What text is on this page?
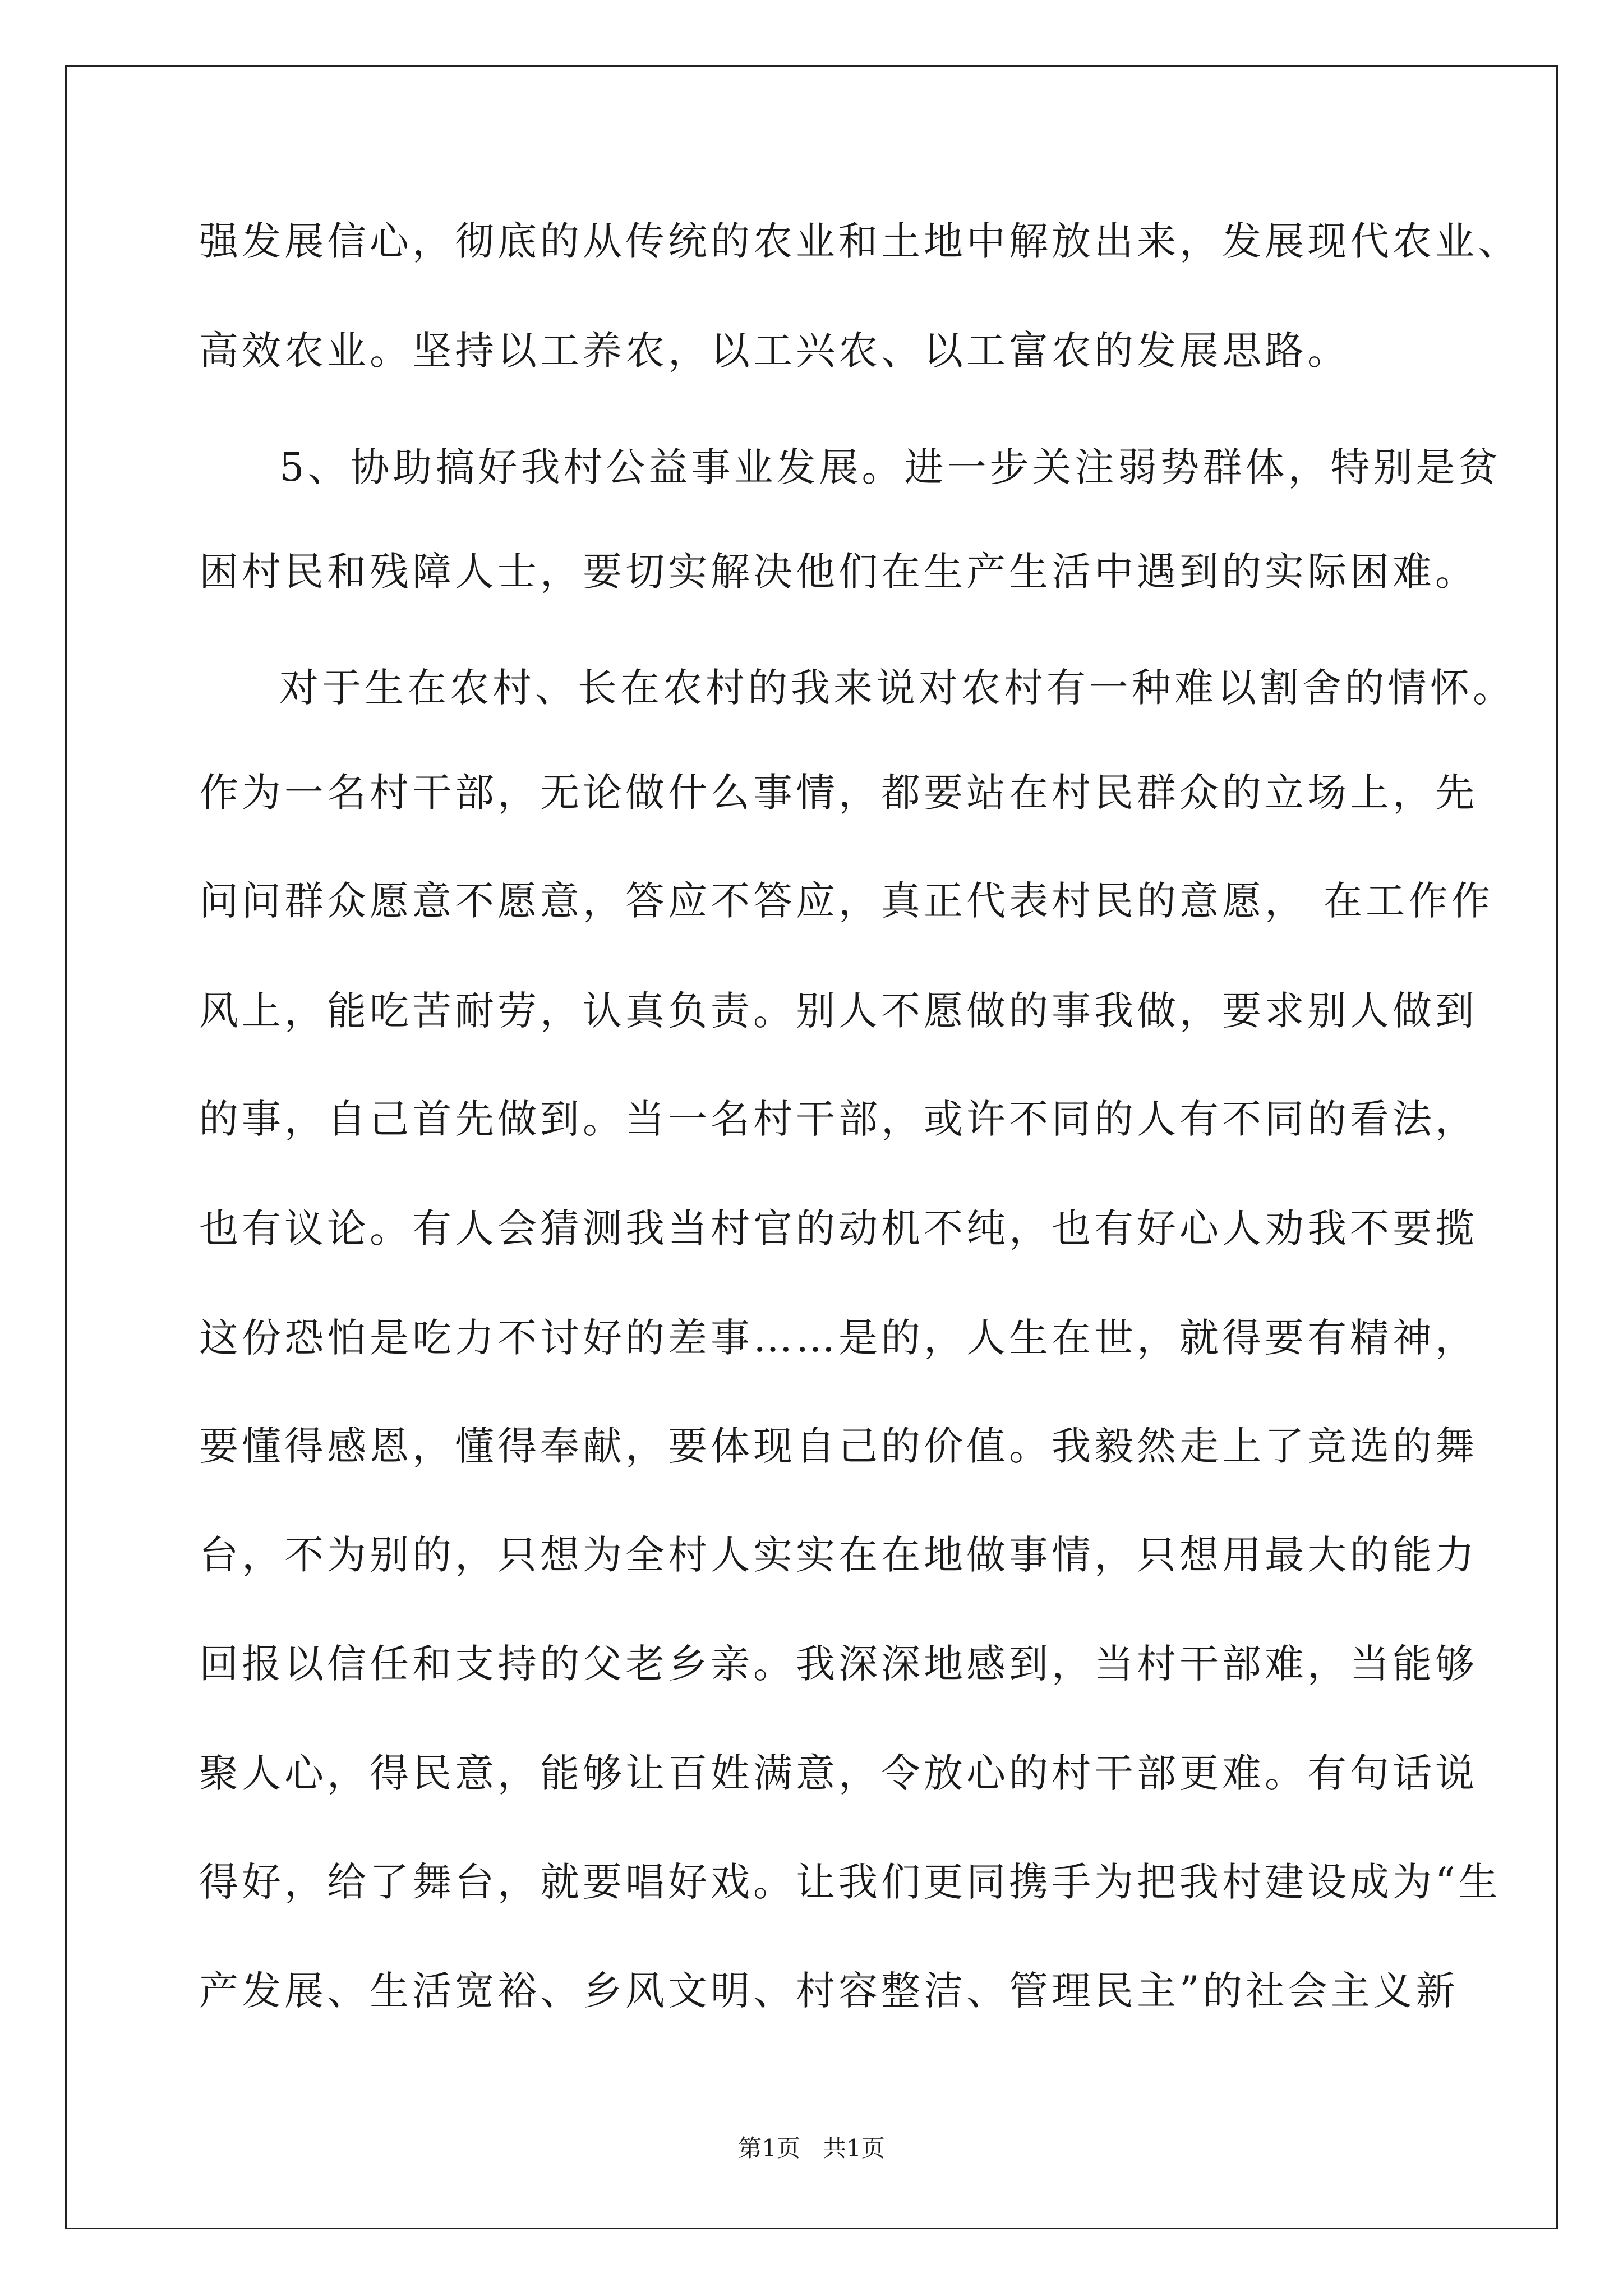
强发展信心，彻底的从传统的农业和土地中解放出来，发展现代农业、
高效农业。坚持以工养农，以工兴农、以工富农的发展思路。
5、协助搞好我村公益事业发展。进一步关注弱势群体，特别是贫
困村民和残障人士，要切实解决他们在生产生活中遇到的实际困难。
对于生在农村、长在农村的我来说对农村有一种难以割舍的情怀。
作为一名村干部，无论做什么事情，都要站在村民群众的立场上，先
问问群众愿意不愿意，答应不答应，真正代表村民的意愿， 在工作作
风上，能吃苦耐劳，认真负责。别人不愿做的事我做，要求别人做到
的事，自己首先做到。当一名村干部，或许不同的人有不同的看法，
也有议论。有人会猜测我当村官的动机不纯，也有好心人劝我不要揽
这份恐怕是吃力不讨好的差事……是的，人生在世，就得要有精神，
要懂得感恩，懂得奉献，要体现自己的价值。我毅然走上了竞选的舞
台，不为别的，只想为全村人实实在在地做事情，只想用最大的能力
回报以信任和支持的父老乡亲。我深深地感到，当村干部难，当能够
聚人心，得民意，能够让百姓满意，令放心的村干部更难。有句话说
得好，给了舞台，就要唱好戏。让我们更同携手为把我村建设成为“生
产发展、生活宽裕、乡风文明、村容整洁、管理民主”的社会主义新
第1页 共1页
